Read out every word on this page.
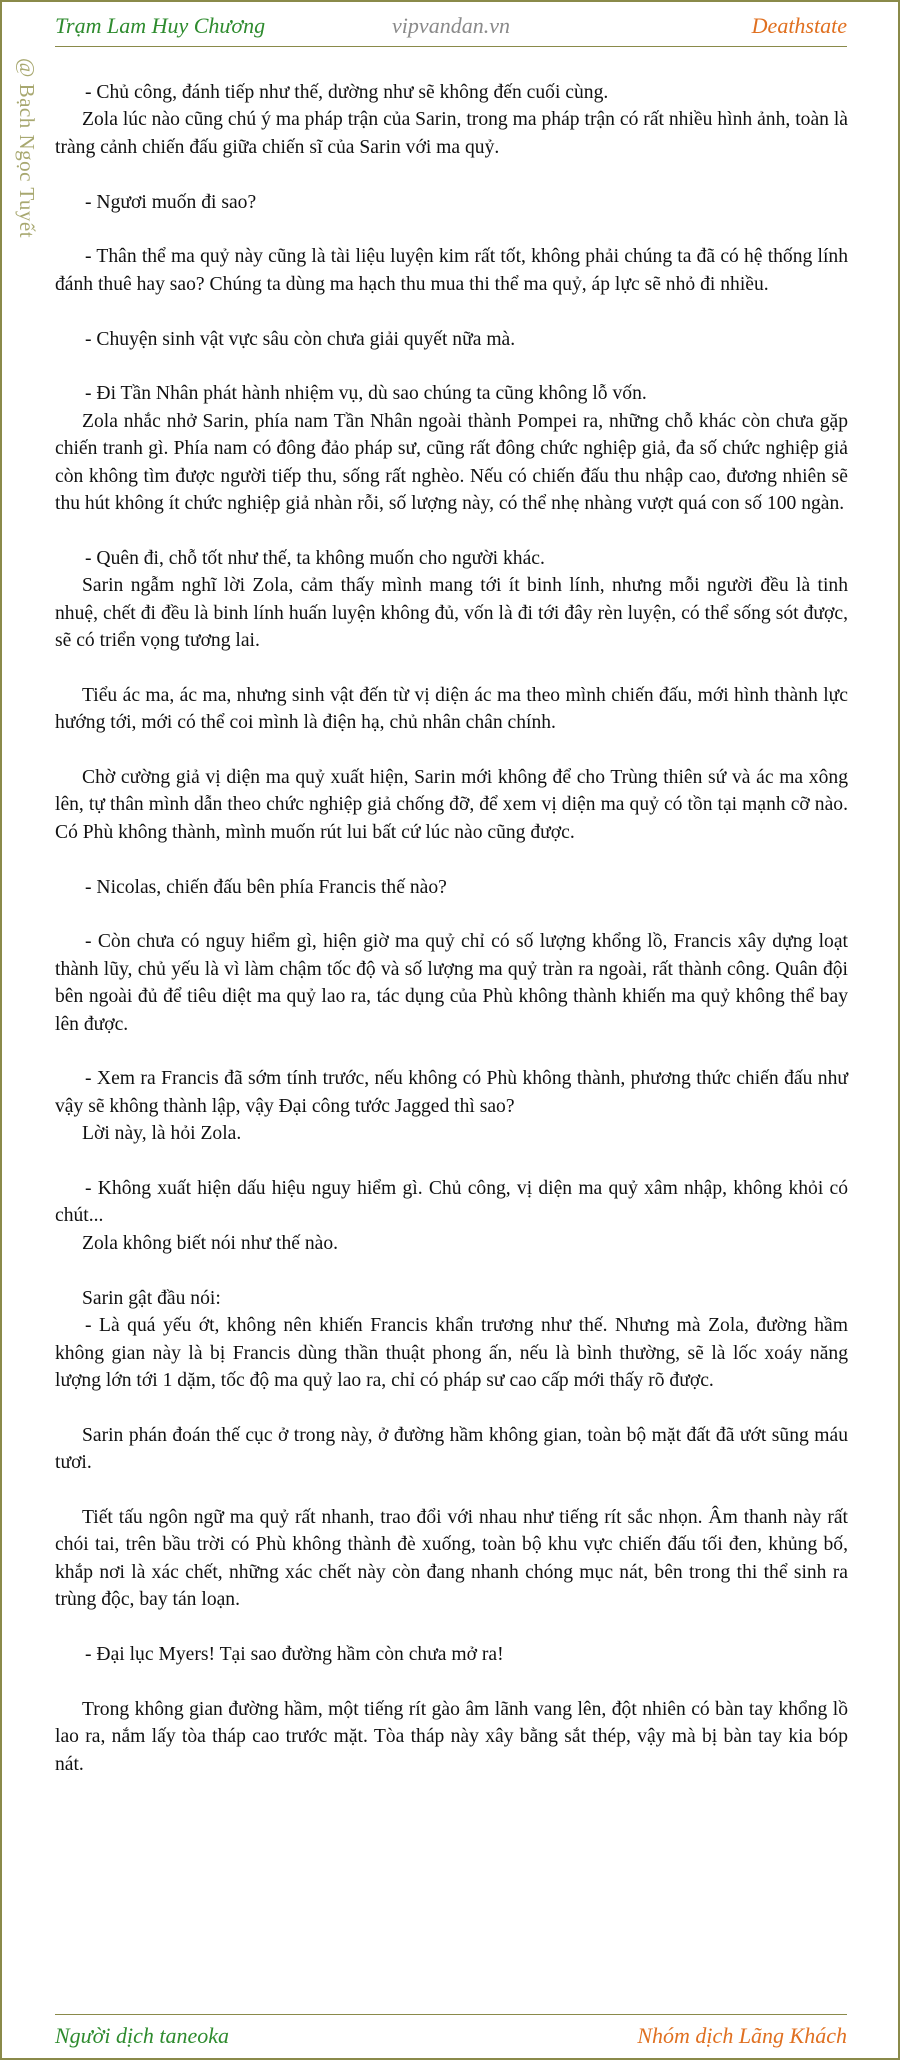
Trạm Lam Huy Chương	vipvandan.vn	Deathstate
@ Bạch Ngọc Tuyết	- Chủ công, đánh tiếp như thế, dường như sẽ không đến cuối cùng.

Zola lúc nào cũng chú ý ma pháp trận của Sarin, trong ma pháp trận có rất nhiều hình ảnh, toàn là tràng cảnh chiến đấu giữa chiến sĩ của Sarin với ma quỷ.

- Ngươi muốn đi sao?

- Thân thể ma quỷ này cũng là tài liệu luyện kim rất tốt, không phải chúng ta đã có hệ thống lính đánh thuê hay sao? Chúng ta dùng ma hạch thu mua thi thể ma quỷ, áp lực sẽ nhỏ đi nhiều.

- Chuyện sinh vật vực sâu còn chưa giải quyết nữa mà.

- Đi Tần Nhân phát hành nhiệm vụ, dù sao chúng ta cũng không lỗ vốn.

Zola nhắc nhở Sarin, phía nam Tần Nhân ngoài thành Pompei ra, những chỗ khác còn chưa gặp chiến tranh gì. Phía nam có đông đảo pháp sư, cũng rất đông chức nghiệp giả, đa số chức nghiệp giả còn không tìm được người tiếp thu, sống rất nghèo. Nếu có chiến đấu thu nhập cao, đương nhiên sẽ thu hút không ít chức nghiệp giả nhàn rỗi, số lượng này, có thể nhẹ nhàng vượt quá con số 100 ngàn.

- Quên đi, chỗ tốt như thế, ta không muốn cho người khác.

Sarin ngẫm nghĩ lời Zola, cảm thấy mình mang tới ít binh lính, nhưng mỗi người đều là tinh nhuệ, chết đi đều là binh lính huấn luyện không đủ, vốn là đi tới đây rèn luyện, có thể sống sót được, sẽ có triển vọng tương lai.

Tiểu ác ma, ác ma, nhưng sinh vật đến từ vị diện ác ma theo mình chiến đấu, mới hình thành lực hướng tới, mới có thể coi mình là điện hạ, chủ nhân chân chính.

Chờ cường giả vị diện ma quỷ xuất hiện, Sarin mới không để cho Trùng thiên sứ và ác ma xông lên, tự thân mình dẫn theo chức nghiệp giả chống đỡ, để xem vị diện ma quỷ có tồn tại mạnh cỡ nào. Có Phù không thành, mình muốn rút lui bất cứ lúc nào cũng được.

- Nicolas, chiến đấu bên phía Francis thế nào?

- Còn chưa có nguy hiểm gì, hiện giờ ma quỷ chỉ có số lượng khổng lồ, Francis xây dựng loạt thành lũy, chủ yếu là vì làm chậm tốc độ và số lượng ma quỷ tràn ra ngoài, rất thành công. Quân đội bên ngoài đủ để tiêu diệt ma quỷ lao ra, tác dụng của Phù không thành khiến ma quỷ không thể bay lên được.

- Xem ra Francis đã sớm tính trước, nếu không có Phù không thành, phương thức chiến đấu như vậy sẽ không thành lập, vậy Đại công tước Jagged thì sao?

Lời này, là hỏi Zola.

- Không xuất hiện dấu hiệu nguy hiểm gì. Chủ công, vị diện ma quỷ xâm nhập, không khỏi có chút...

Zola không biết nói như thế nào.

Sarin gật đầu nói:

- Là quá yếu ớt, không nên khiến Francis khẩn trương như thế. Nhưng mà Zola, đường hầm không gian này là bị Francis dùng thần thuật phong ấn, nếu là bình thường, sẽ là lốc xoáy năng lượng lớn tới 1 dặm, tốc độ ma quỷ lao ra, chỉ có pháp sư cao cấp mới thấy rõ được.

Sarin phán đoán thế cục ở trong này, ở đường hầm không gian, toàn bộ mặt đất đã ướt sũng máu tươi.

Tiết tấu ngôn ngữ ma quỷ rất nhanh, trao đổi với nhau như tiếng rít sắc nhọn. Âm thanh này rất chói tai, trên bầu trời có Phù không thành đè xuống, toàn bộ khu vực chiến đấu tối đen, khủng bố, khắp nơi là xác chết, những xác chết này còn đang nhanh chóng mục nát, bên trong thi thể sinh ra trùng độc, bay tán loạn.

- Đại lục Myers! Tại sao đường hầm còn chưa mở ra!

Trong không gian đường hầm, một tiếng rít gào âm lãnh vang lên, đột nhiên có bàn tay khổng lồ lao ra, nắm lấy tòa tháp cao trước mặt. Tòa tháp này xây bằng sắt thép, vậy mà bị bàn tay kia bóp nát.

Người dịch taneoka	Nhóm dịch Lãng Khách
